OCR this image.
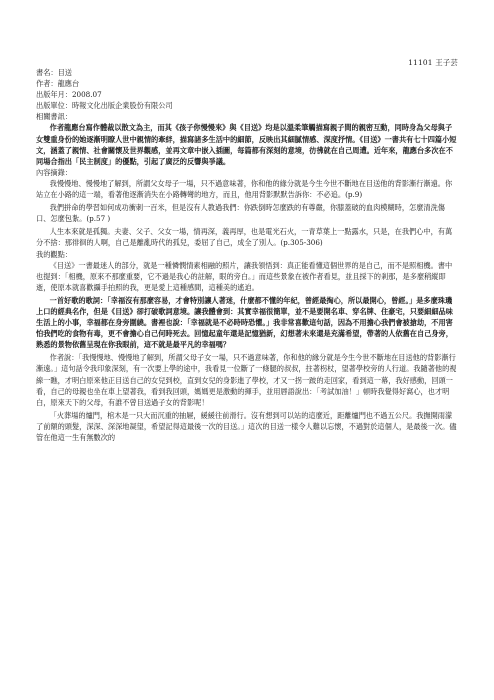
11101 王子芸

書名：目送

作者：龍應台

出版年月：2008.07

出版單位：時報文化出版企業股份有限公司

相關書訊：

作者龍應台寫作體裁以散文為主，而其《孩子你慢慢來》與《目送》均是以溫柔筆觸描寫親子間的親密互動，同時身為父母與子女雙重身份的她逐漸明瞭人世中親情的牽絆，描寫諸多生活中的細節，反映出其細膩情感、深度抒情。《目送》一書共有七十四篇小短文，涵蓋了親情、社會關懷及世界觀感，並再文章中嵌入插圖，每篇都有深刻的意境，彷彿就在自己周遭。近年來，龍應台多次在不同場合指出「民主制度」的優點，引起了廣泛的反響與爭議。

內容摘錄：

我慢慢地、慢慢地了解到，所謂父女母子一場，只不過意味著，你和他的緣分就是今生今世不斷地在目送他的背影漸行漸遠。你站立在小路的這一端，看著他逐漸消失在小路轉彎的地方，而且，他用背影默默告訴你：不必追。(p.9)

我們拼命的學習如何成功衝刺一百米，但是沒有人教過我們：你跌倒時怎麼跌的有尊嚴，你膝蓋破的血肉模糊時，怎麼清洗傷口、怎麼包紮。(p.57 )

人生本來就是孤獨。夫妻、父子、父女一場，情再深，義再厚，也是電光石火，一青草葉上一點露水，只是，在我們心中，有萬分不捨：那徘徊的人啊，自己是離亂時代的孤兒，委屈了自己，成全了別人。(p.305-306)

我的觀點：

《目送》一書最迷人的部分，就是一種憐憫情素相融的照片，讓我領悟到：真正能看懂這個世界的是自己，而不是照相機。書中也提到：「相機，原來不那麼重要，它不過是我心的註解，眼的旁白。」而這些景象在被作者看見，並且採下的剎那，是多麼稍縱即逝，使原本就喜歡攝手拍照的我，更是愛上這種感間，這種美的遙迫。

一首好歌的歌詞：「幸福沒有那麼容易，才會特別讓人著迷，什麼都不懂的年紀，曾經最掏心，所以最開心，曾經。」是多麼珠璣上口的經典名作，但是《目送》卻打破歌詞意境。讓我體會到：其實幸福很簡單，並不是要開名車、穿名牌、住豪宅，只要細細品味生活上的小事，幸福都在身旁圍繞。書裡也說：「幸福就是不必時時恐懼。」我非常喜歡這句話，因為不用擔心我們會被搶劫，不用害怕我們吃的食物有毒，更不會擔心自己何時死去。回憶起童年還是記憶猶新，幻想著未來還是充滿希望，帶著的人依舊在自己身旁，熟悉的景物依舊呈現在你我眼前，這不就是最平凡的幸福嗎？

作者說：「我慢慢地、慢慢地了解到，所謂父母子女一場，只不過意味著，你和他的緣分就是今生今世不斷地在目送他的背影漸行漸遠。」這句話令我印象深刻，有一次要上學的途中，我看見一位斷了一條腿的叔叔，拄著枴杖，望著學校旁的人行道。我隨著他的視線一瞧，才明白原來他正目送自己的女兒到校，直到女兒的身影進了學校，才又一拐一跛的走回家，看到這一幕，我好感動，回頭一看，自己的母親也坐在車上望著我，看到我回頭，媽媽更是激動的揮手，並用唇語說出：「考試加油！」頓時我覺得好窩心，也才明白，原來天下的父母，有誰不曾目送過子女的背影呢！

「火葬場的爐門，棺木是一只大而沉重的抽屜，緩緩往前滑行。沒有想到可以站的這麼近，距離爐門也不過五公尺。我撫開雨濛了前額的頭髮，深深、深深地凝望，希望記得這最後一次的目送。」這次的目送一樣令人難以忘懷，不過對於這個人，是最後一次。儘管在他這一生有無數次的
